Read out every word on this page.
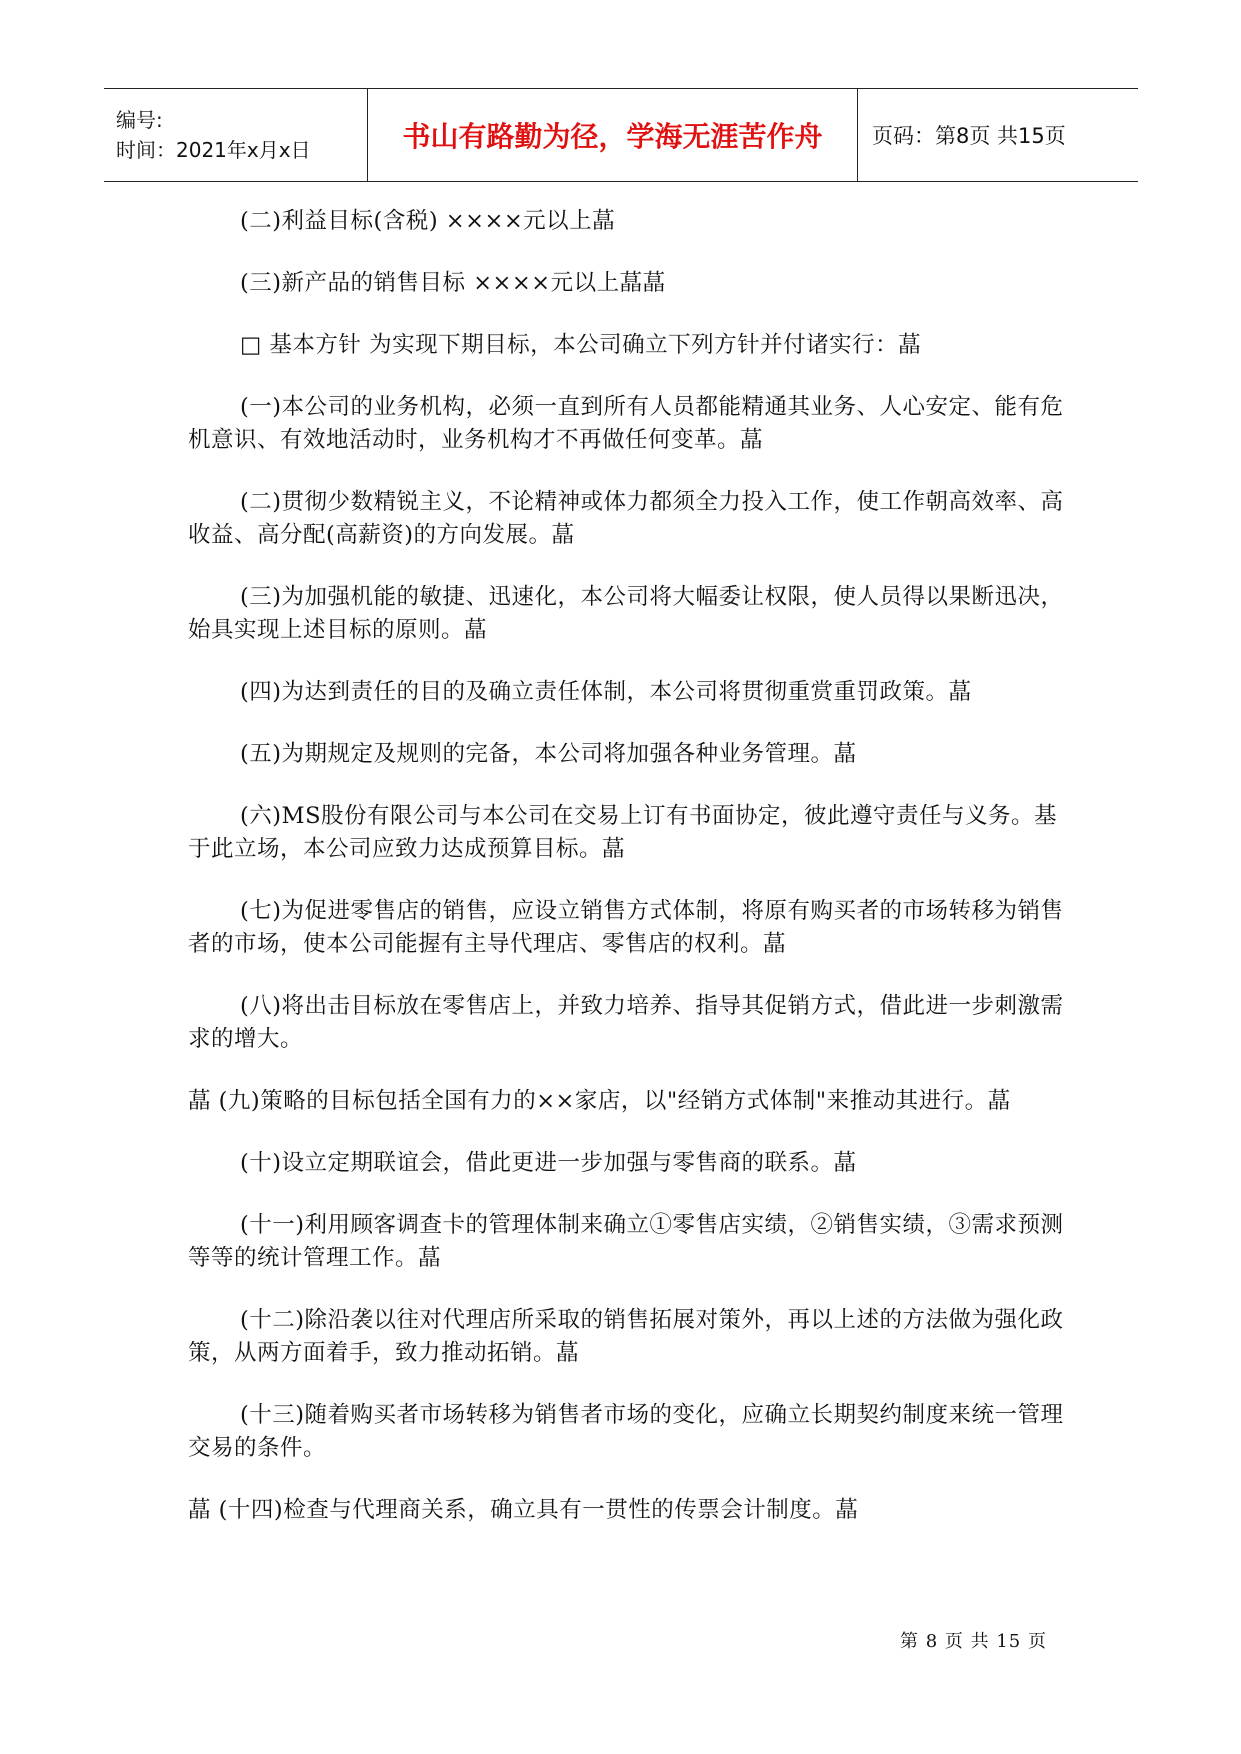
编号:
时间：2021年x月x日	书山有路勤为径，学海无涯苦作舟 页码：第8页 共15页

(二)利益目标(含税) ××××元以上蕌

(三)新产品的销售目标 ××××元以上蕌蕌

□ 基本方针 为实现下期目标，本公司确立下列方针并付诸实行：蕌

(一)本公司的业务机构，必须一直到所有人员都能精通其业务、人心安定、能有危机意识、有效地活动时，业务机构才不再做任何变革。蕌

(二)贯彻少数精锐主义，不论精神或体力都须全力投入工作，使工作朝高效率、高收益、高分配(高薪资)的方向发展。蕌

(三)为加强机能的敏捷、迅速化，本公司将大幅委让权限，使人员得以果断迅决，始具实现上述目标的原则。蕌

(四)为达到责任的目的及确立责任体制，本公司将贯彻重赏重罚政策。蕌

(五)为期规定及规则的完备，本公司将加强各种业务管理。蕌

(六)MS股份有限公司与本公司在交易上订有书面协定，彼此遵守责任与义务。基于此立场，本公司应致力达成预算目标。蕌

(七)为促进零售店的销售，应设立销售方式体制，将原有购买者的市场转移为销售者的市场，使本公司能握有主导代理店、零售店的权利。蕌

(八)将出击目标放在零售店上，并致力培养、指导其促销方式，借此进一步刺激需求的增大。

蕌 (九)策略的目标包括全国有力的××家店，以"经销方式体制"来推动其进行。蕌

(十)设立定期联谊会，借此更进一步加强与零售商的联系。蕌

(十一)利用顾客调查卡的管理体制来确立①零售店实绩，②销售实绩，③需求预测等等的统计管理工作。蕌

(十二)除沿袭以往对代理店所采取的销售拓展对策外，再以上述的方法做为强化政策，从两方面着手，致力推动拓销。蕌

(十三)随着购买者市场转移为销售者市场的变化，应确立长期契约制度来统一管理交易的条件。

蕌 (十四)检查与代理商关系，确立具有一贯性的传票会计制度。蕌

第 8 页 共 15 页
